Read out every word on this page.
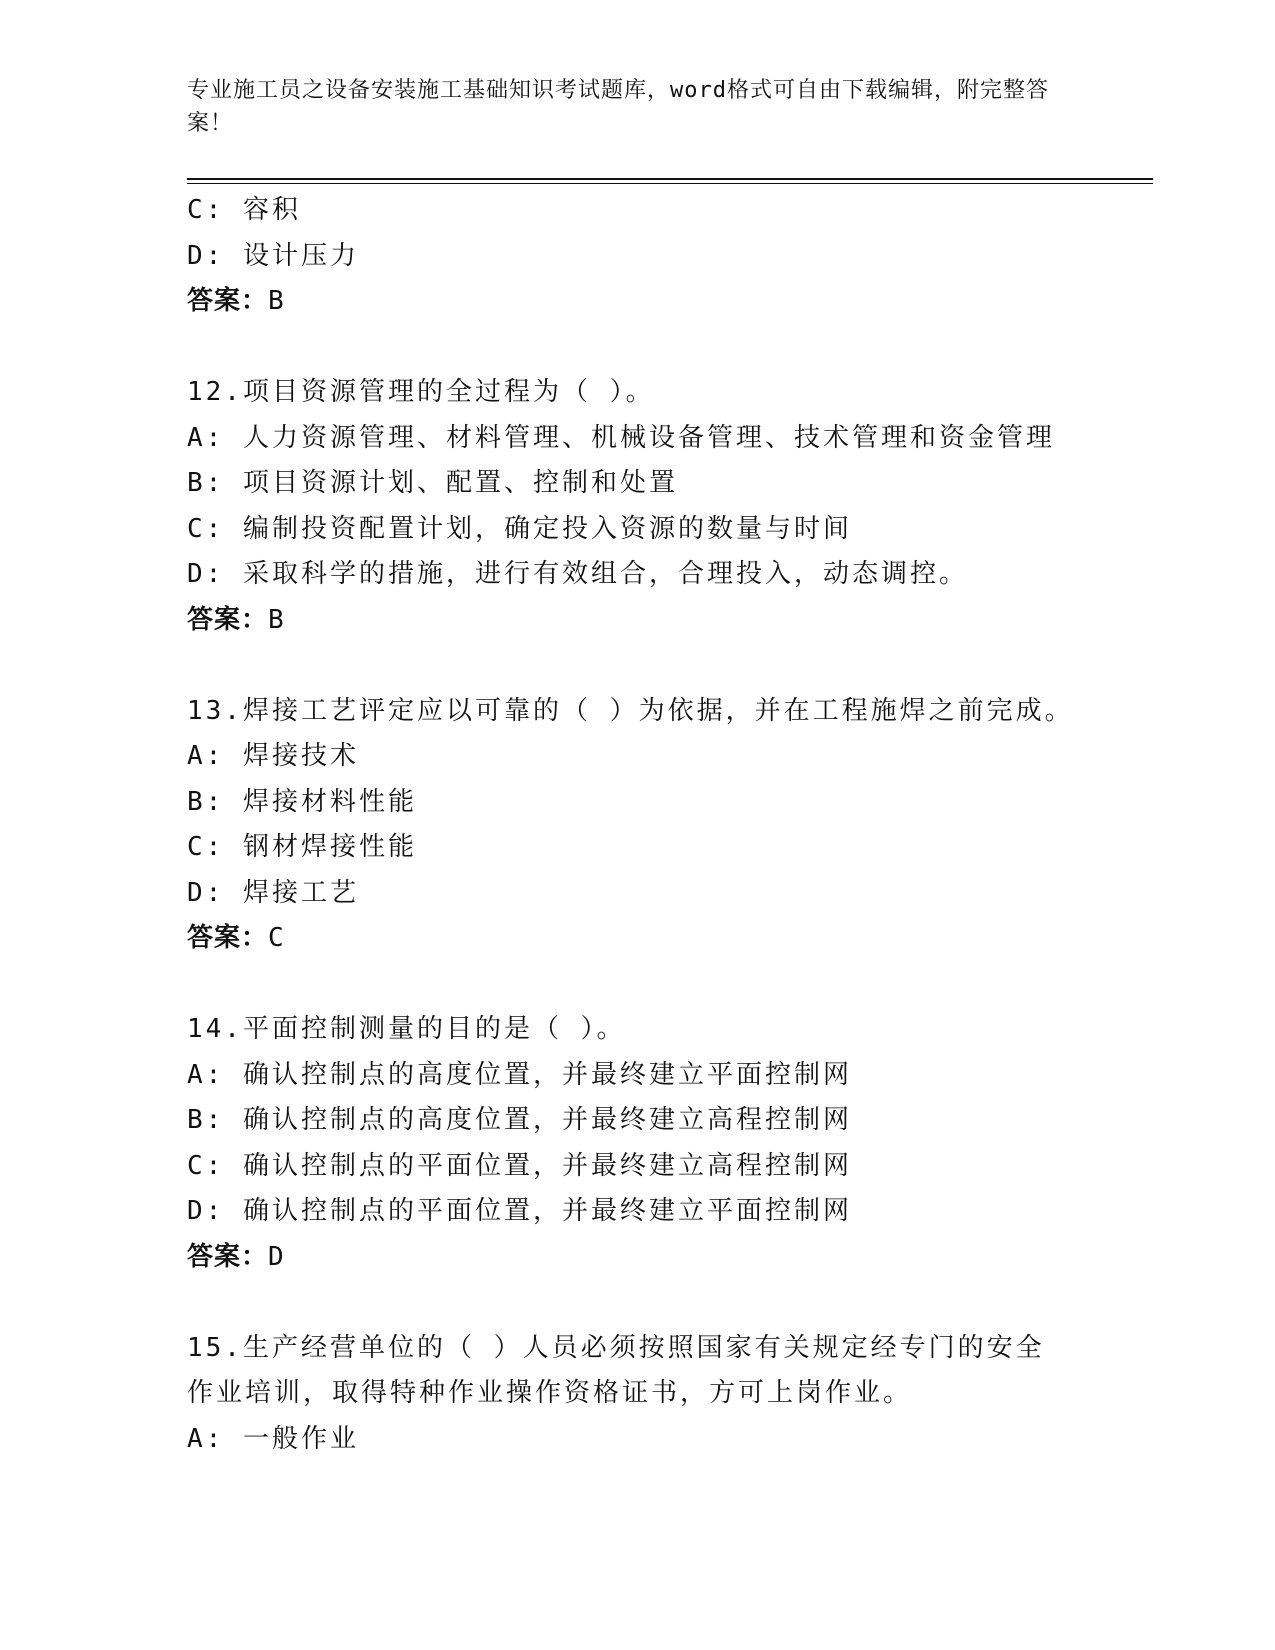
专业施工员之设备安装施工基础知识考试题库，word格式可自由下载编辑，附完整答案！
C: 容积
D: 设计压力
答案：B
12.项目资源管理的全过程为（ ）。
A: 人力资源管理、材料管理、机械设备管理、技术管理和资金管理
B: 项目资源计划、配置、控制和处置
C: 编制投资配置计划，确定投入资源的数量与时间
D: 采取科学的措施，进行有效组合，合理投入，动态调控。
答案：B
13.焊接工艺评定应以可靠的（ ）为依据，并在工程施焊之前完成。
A: 焊接技术
B: 焊接材料性能
C: 钢材焊接性能
D: 焊接工艺
答案：C
14.平面控制测量的目的是（ ）。
A: 确认控制点的高度位置，并最终建立平面控制网
B: 确认控制点的高度位置，并最终建立高程控制网
C: 确认控制点的平面位置，并最终建立高程控制网
D: 确认控制点的平面位置，并最终建立平面控制网
答案：D
15.生产经营单位的（ ）人员必须按照国家有关规定经专门的安全作业培训，取得特种作业操作资格证书，方可上岗作业。
A: 一般作业
